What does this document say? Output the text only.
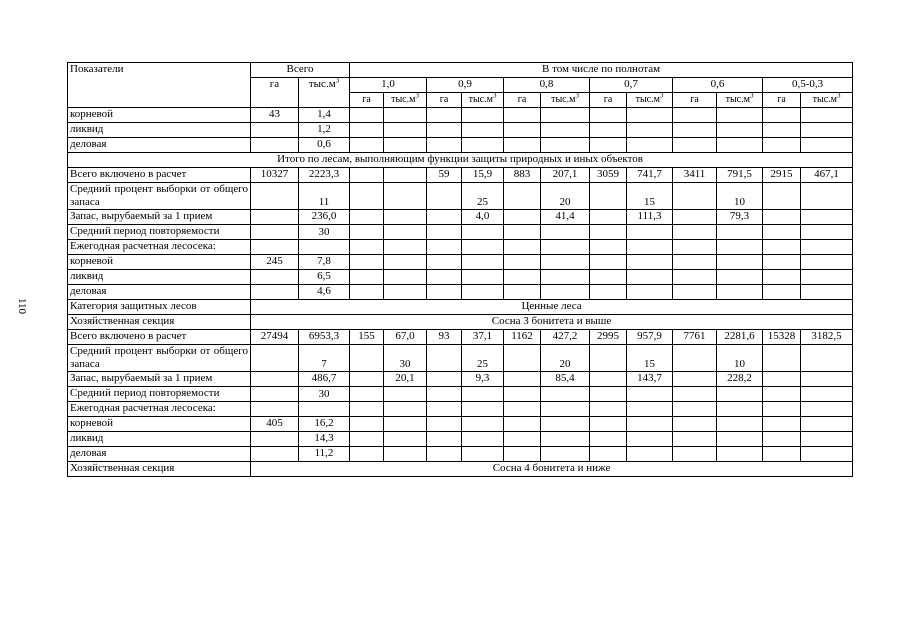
110
Показатели	Всего		В том числе по полнотам											
	га	$тыс.м^3$	1,0		0,9		0,8		0,7		0,6		0,5-0,3	
			га	$тыс.м^3$	га	$тыс.м^3$	га	$тыс.м^3$	га	$тыс.м^3$	га	$тыс.м^3$	га	$тыс.м^3$
корневой	43	1,4												
ликвид		1,2												
деловая		0,6												
Итого по лесам, выполняющим функции защиты природных и иных объектов														
Всего включено в расчет	10327	2223,3			59	15,9	883	207,1	3059	741,7	3411	791,5	2915	467,1
Средний процент выборки от общего запаса		11				25		20		15		10		
Запас, вырубаемый за 1 прием		236,0				4,0		41,4		111,3		79,3		
Средний период повторяемости		30												
Ежегодная расчетная лесосека:														
корневой	245	7,8												
ликвид		6,5												
деловая		4,6												
Категория защитных лесов	Ценные леса													
Хозяйственная секция	Сосна 3 бонитета и выше													
Всего включено в расчет	27494	6953,3	155	67,0	93	37,1	1162	427,2	2995	957,9	7761	2281,6	15328	3182,5
Средний процент выборки от общего запаса		7		30		25		20		15		10		
Запас, вырубаемый за 1 прием		486,7		20,1		9,3		85,4		143,7		228,2		
Средний период повторяемости		30												
Ежегодная расчетная лесосека:														
корневой	405	16,2												
ликвид		14,3												
деловая		11,2												
Хозяйственная секция	Сосна 4 бонитета и ниже													
